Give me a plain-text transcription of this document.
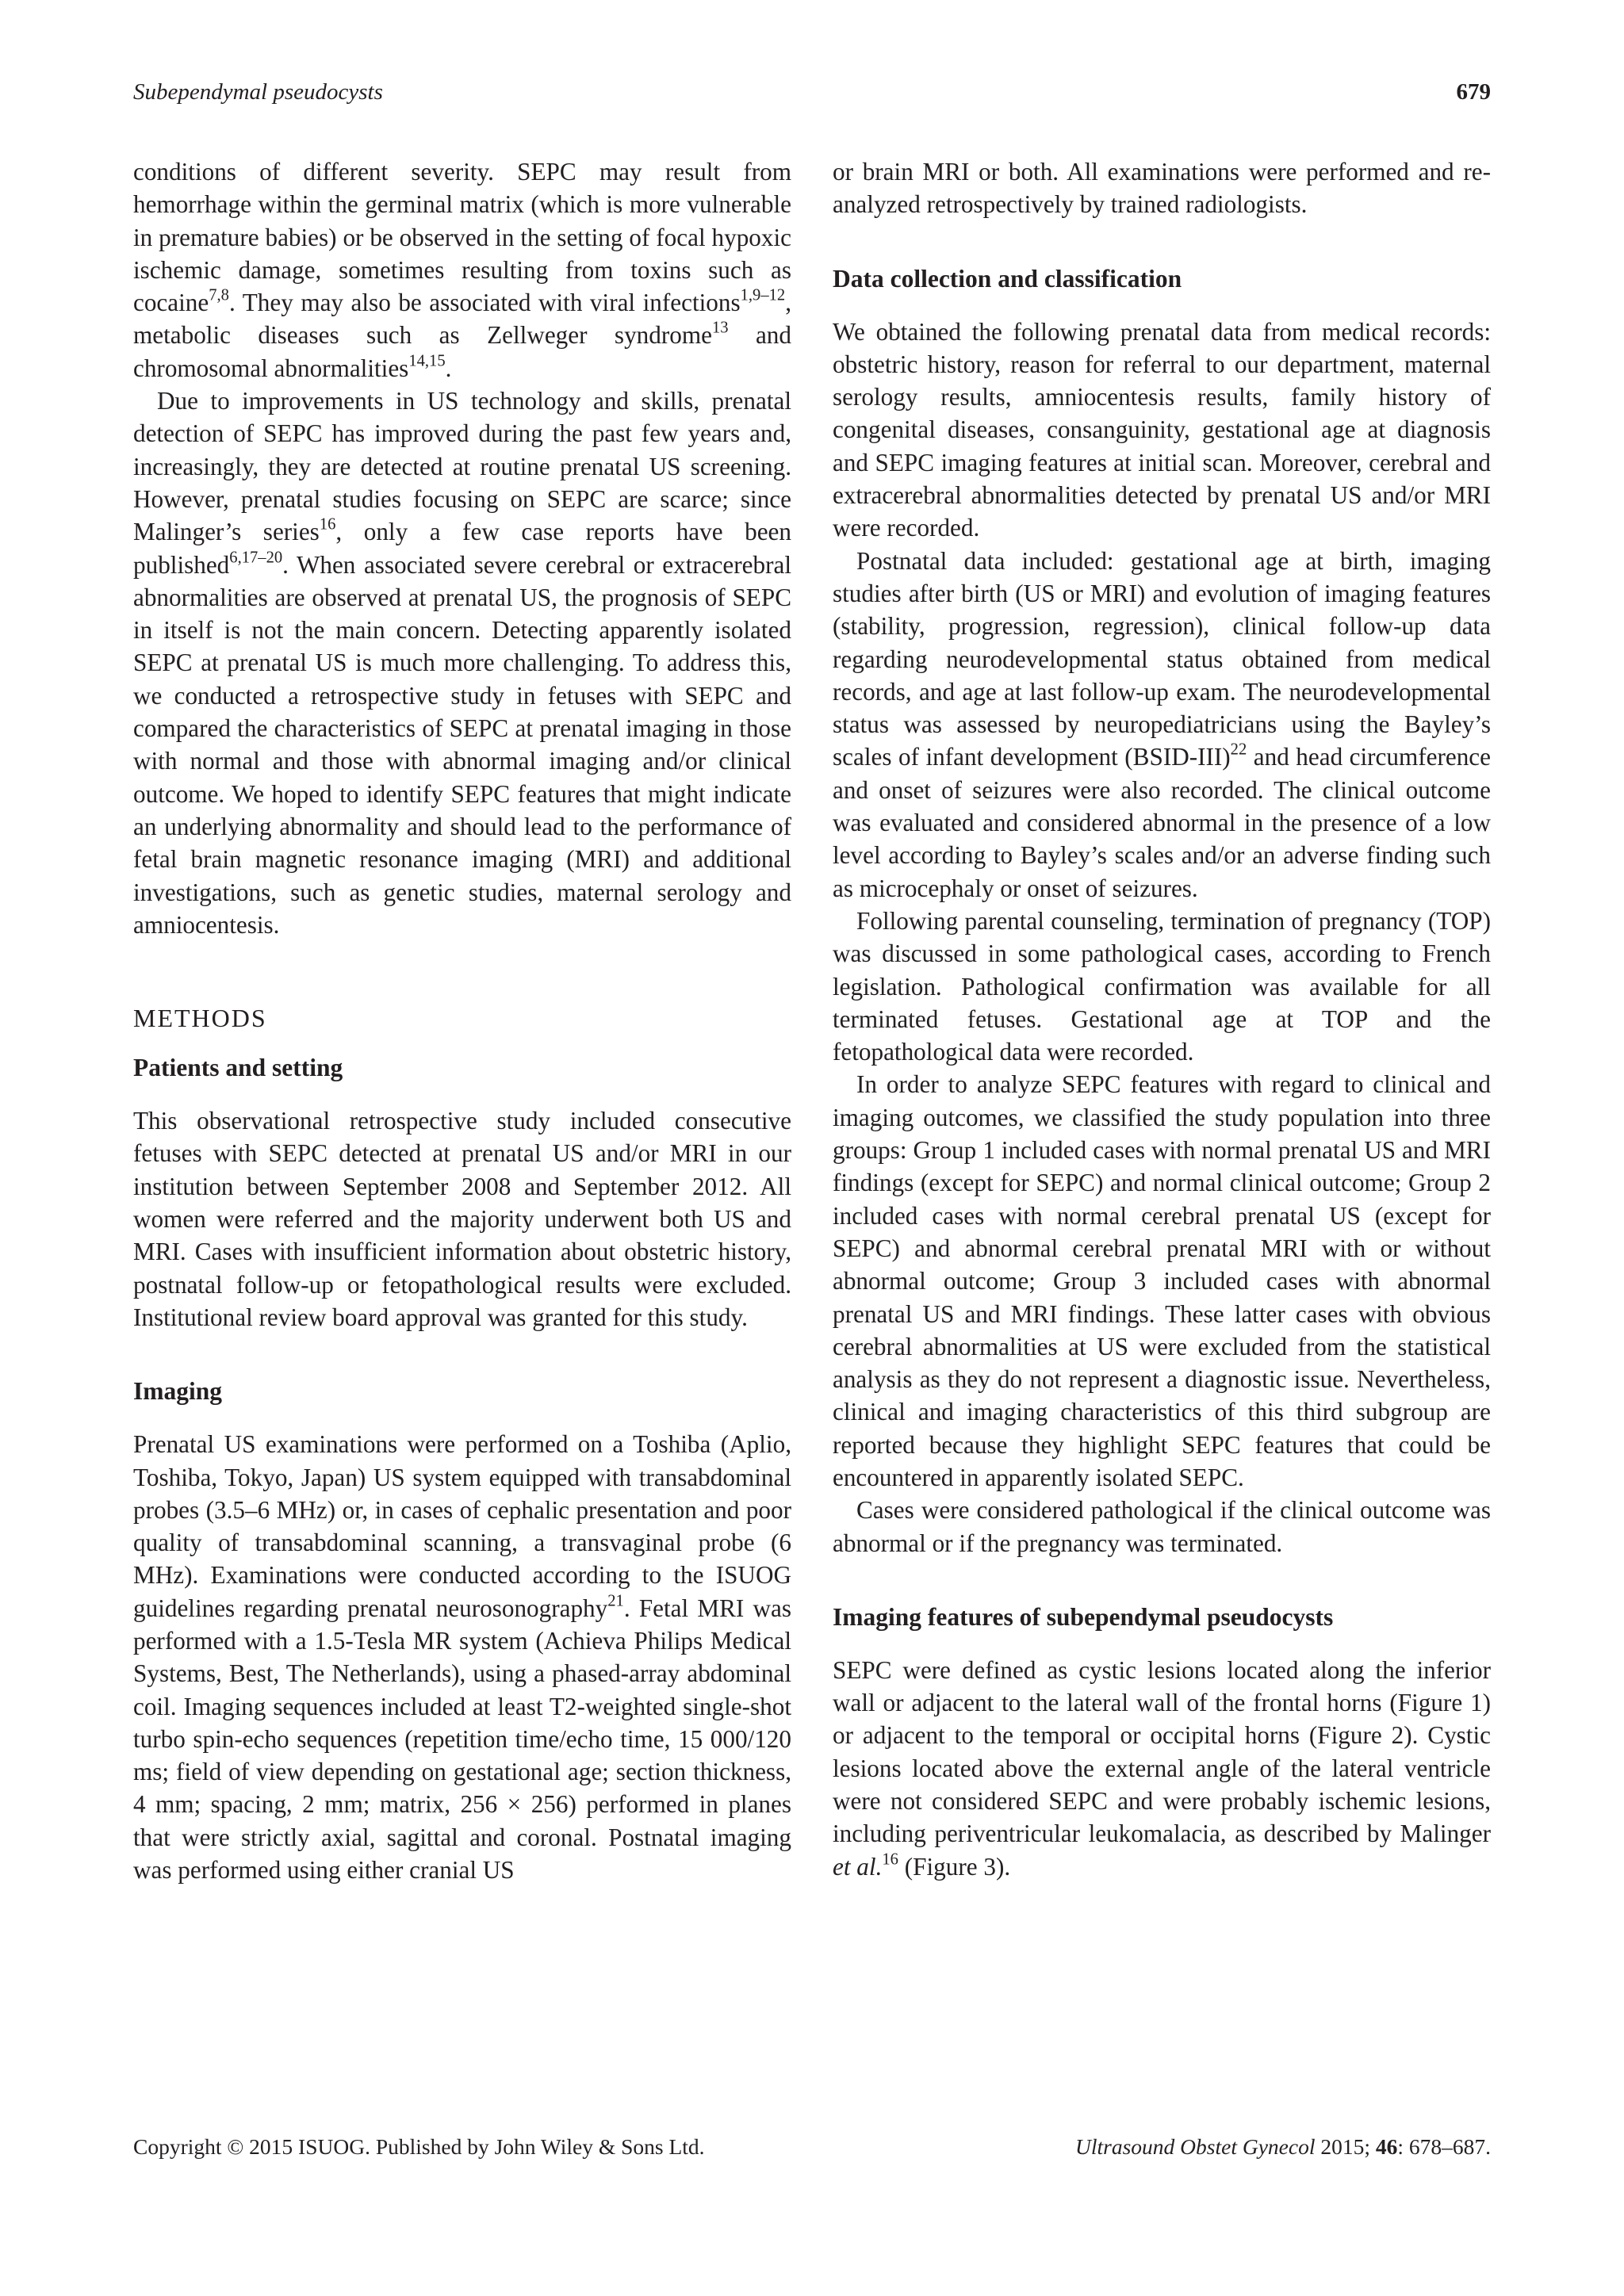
Subependymal pseudocysts	679

conditions of different severity. SEPC may result from hemorrhage within the germinal matrix (which is more vulnerable in premature babies) or be observed in the setting of focal hypoxic ischemic damage, sometimes resulting from toxins such as cocaine$^{7,8}$. They may also be associated with viral infections$^{1,9-12}$, metabolic diseases such as Zellweger syndrome$^{13}$ and chromosomal abnormalities$^{14,15}$.

Due to improvements in US technology and skills, prenatal detection of SEPC has improved during the past few years and, increasingly, they are detected at routine prenatal US screening. However, prenatal studies focusing on SEPC are scarce; since Malinger’s series$^{16}$, only a few case reports have been published$^{6,17-20}$. When associated severe cerebral or extracerebral abnormalities are observed at prenatal US, the prognosis of SEPC in itself is not the main concern. Detecting apparently isolated SEPC at prenatal US is much more challenging. To address this, we conducted a retrospective study in fetuses with SEPC and compared the characteristics of SEPC at prenatal imaging in those with normal and those with abnormal imaging and/or clinical outcome. We hoped to identify SEPC features that might indicate an underlying abnormality and should lead to the performance of fetal brain magnetic resonance imaging (MRI) and additional investigations, such as genetic studies, maternal serology and amniocentesis.

METHODS
Patients and setting

This observational retrospective study included consecutive fetuses with SEPC detected at prenatal US and/or MRI in our institution between September 2008 and September 2012. All women were referred and the majority underwent both US and MRI. Cases with insufficient information about obstetric history, postnatal follow-up or fetopathological results were excluded. Institutional review board approval was granted for this study.

Imaging

Prenatal US examinations were performed on a Toshiba (Aplio, Toshiba, Tokyo, Japan) US system equipped with transabdominal probes (3.5–6 MHz) or, in cases of cephalic presentation and poor quality of transabdominal scanning, a transvaginal probe (6 MHz). Examinations were conducted according to the ISUOG guidelines regarding prenatal neurosonography$^{21}$. Fetal MRI was performed with a 1.5-Tesla MR system (Achieva Philips Medical Systems, Best, The Netherlands), using a phased-array abdominal coil. Imaging sequences included at least T2-weighted single-shot turbo spin-echo sequences (repetition time/echo time, 15 000/120 ms; field of view depending on gestational age; section thickness, 4 mm; spacing, 2 mm; matrix, 256 × 256) performed in planes that were strictly axial, sagittal and coronal. Postnatal imaging was performed using either cranial US

or brain MRI or both. All examinations were performed and re-analyzed retrospectively by trained radiologists.

Data collection and classification

We obtained the following prenatal data from medical records: obstetric history, reason for referral to our department, maternal serology results, amniocentesis results, family history of congenital diseases, consanguinity, gestational age at diagnosis and SEPC imaging features at initial scan. Moreover, cerebral and extracerebral abnormalities detected by prenatal US and/or MRI were recorded.

Postnatal data included: gestational age at birth, imaging studies after birth (US or MRI) and evolution of imaging features (stability, progression, regression), clinical follow-up data regarding neurodevelopmental status obtained from medical records, and age at last follow-up exam. The neurodevelopmental status was assessed by neuropediatricians using the Bayley’s scales of infant development (BSID-III)$^{22}$ and head circumference and onset of seizures were also recorded. The clinical outcome was evaluated and considered abnormal in the presence of a low level according to Bayley’s scales and/or an adverse finding such as microcephaly or onset of seizures.

Following parental counseling, termination of pregnancy (TOP) was discussed in some pathological cases, according to French legislation. Pathological confirmation was available for all terminated fetuses. Gestational age at TOP and the fetopathological data were recorded.

In order to analyze SEPC features with regard to clinical and imaging outcomes, we classified the study population into three groups: Group 1 included cases with normal prenatal US and MRI findings (except for SEPC) and normal clinical outcome; Group 2 included cases with normal cerebral prenatal US (except for SEPC) and abnormal cerebral prenatal MRI with or without abnormal outcome; Group 3 included cases with abnormal prenatal US and MRI findings. These latter cases with obvious cerebral abnormalities at US were excluded from the statistical analysis as they do not represent a diagnostic issue. Nevertheless, clinical and imaging characteristics of this third subgroup are reported because they highlight SEPC features that could be encountered in apparently isolated SEPC.

Cases were considered pathological if the clinical outcome was abnormal or if the pregnancy was terminated.

Imaging features of subependymal pseudocysts

SEPC were defined as cystic lesions located along the inferior wall or adjacent to the lateral wall of the frontal horns (Figure 1) or adjacent to the temporal or occipital horns (Figure 2). Cystic lesions located above the external angle of the lateral ventricle were not considered SEPC and were probably ischemic lesions, including periventricular leukomalacia, as described by Malinger et al.$^{16}$ (Figure 3).

Copyright © 2015 ISUOG. Published by John Wiley & Sons Ltd.	Ultrasound Obstet Gynecol 2015; 46: 678–687.
